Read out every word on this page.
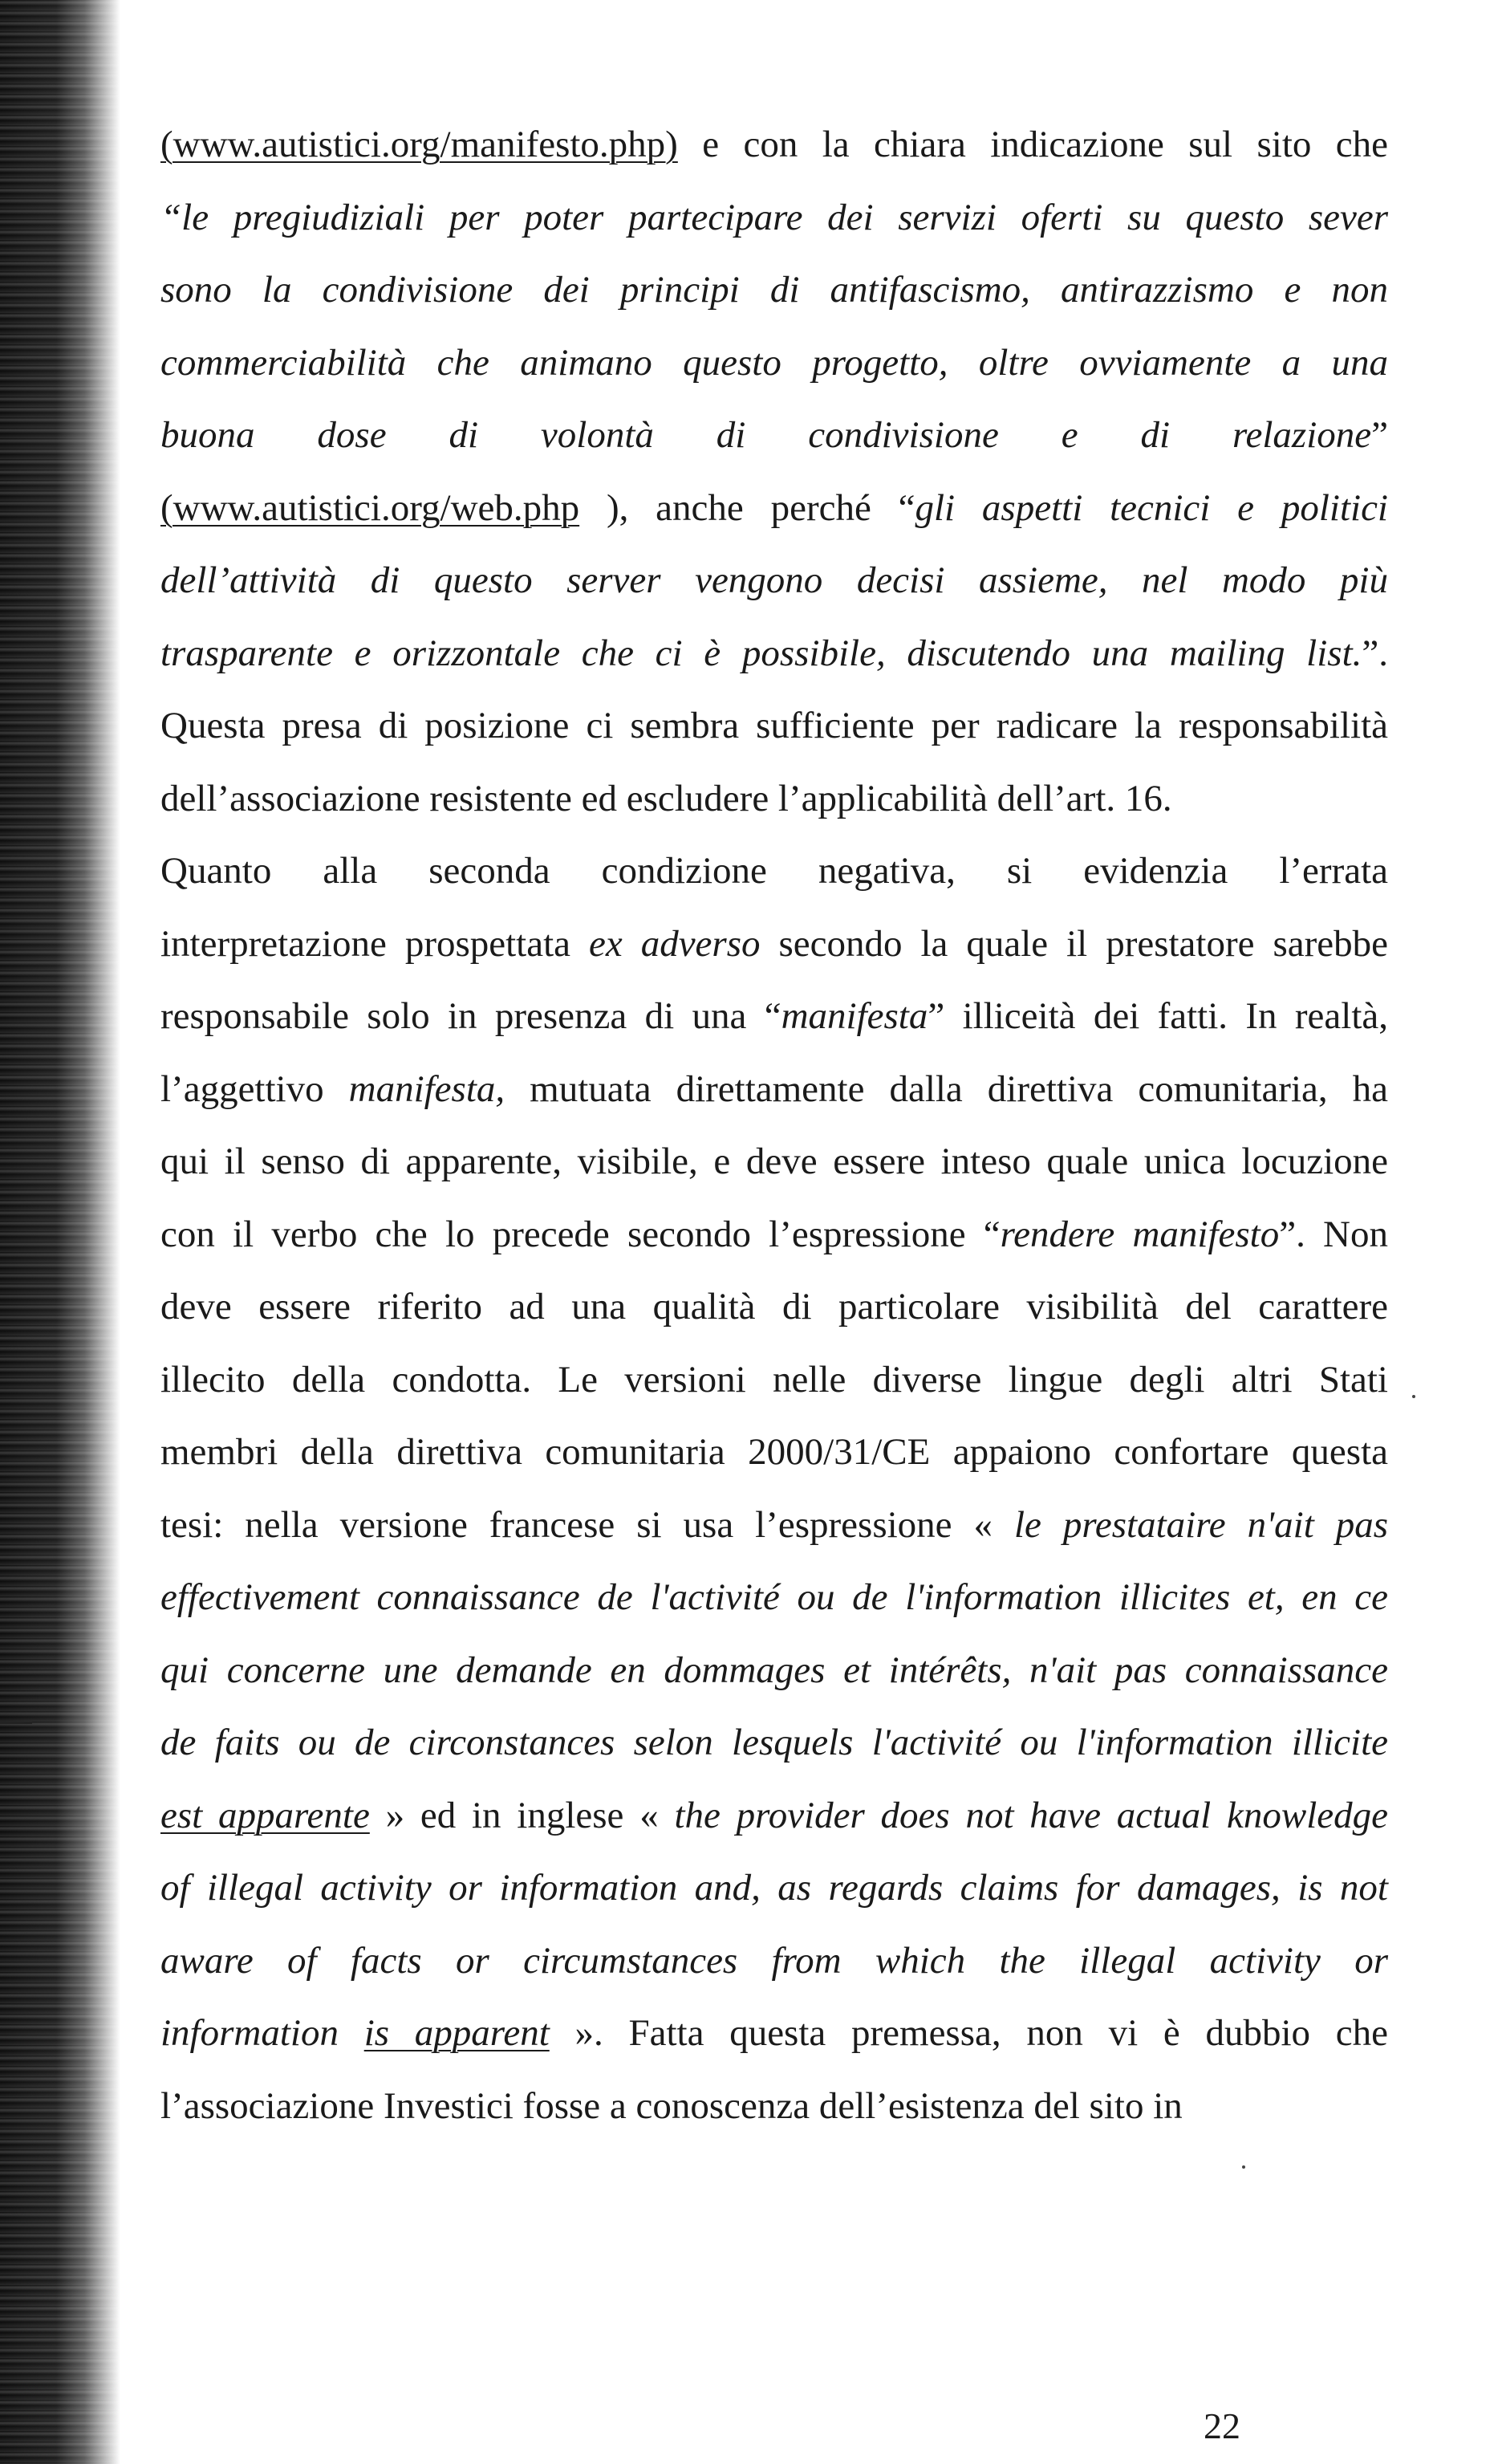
(www.autistici.org/manifesto.php) e con la chiara indicazione sul sito che
“le pregiudiziali per poter partecipare dei servizi oferti su questo sever
sono la condivisione dei principi di antifascismo, antirazzismo e non
commerciabilità che animano questo progetto, oltre ovviamente a una
buona dose di volontà di condivisione e di relazione”
(www.autistici.org/web.php ), anche perché “gli aspetti tecnici e politici
dell’attività di questo server vengono decisi assieme, nel modo più
trasparente e orizzontale che ci è possibile, discutendo una mailing list.”.
Questa presa di posizione ci sembra sufficiente per radicare la responsabilità
dell’associazione resistente ed escludere l’applicabilità dell’art. 16.
Quanto alla seconda condizione negativa, si evidenzia l’errata
interpretazione prospettata ex adverso secondo la quale il prestatore sarebbe
responsabile solo in presenza di una “manifesta” illiceità dei fatti. In realtà,
l’aggettivo manifesta, mutuata direttamente dalla direttiva comunitaria, ha
qui il senso di apparente, visibile, e deve essere inteso quale unica locuzione
con il verbo che lo precede secondo l’espressione “rendere manifesto”. Non
deve essere riferito ad una qualità di particolare visibilità del carattere
illecito della condotta. Le versioni nelle diverse lingue degli altri Stati
membri della direttiva comunitaria 2000/31/CE appaiono confortare questa
tesi: nella versione francese si usa l’espressione « le prestataire n'ait pas
effectivement connaissance de l'activité ou de l'information illicites et, en ce
qui concerne une demande en dommages et intérêts, n'ait pas connaissance
de faits ou de circonstances selon lesquels l'activité ou l'information illicite
est apparente » ed in inglese « the provider does not have actual knowledge
of illegal activity or information and, as regards claims for damages, is not
aware of facts or circumstances from which the illegal activity or
information is apparent ». Fatta questa premessa, non vi è dubbio che
l’associazione Investici fosse a conoscenza dell’esistenza del sito in
22
